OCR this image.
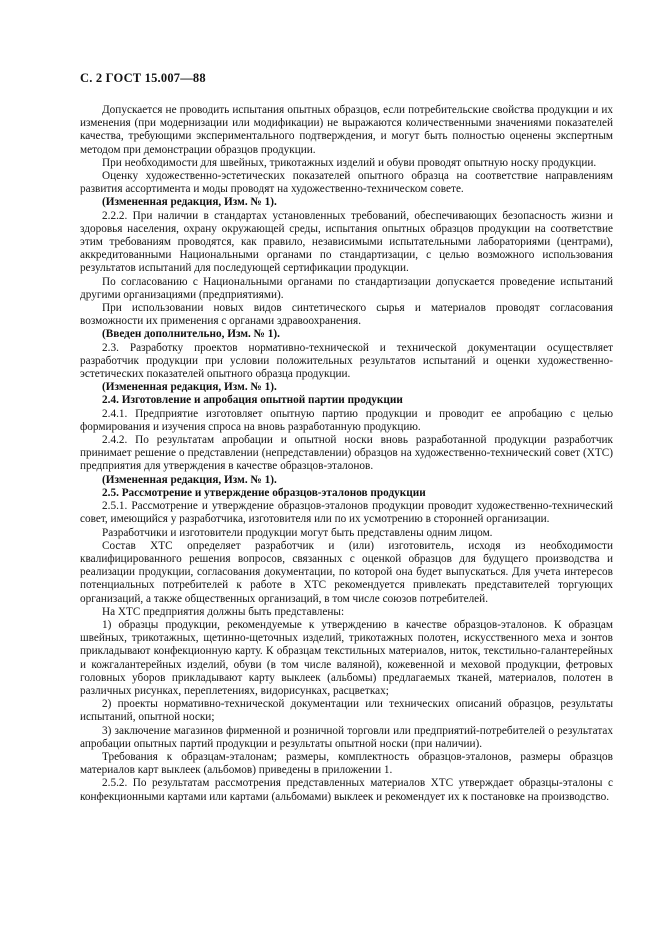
С. 2 ГОСТ 15.007—88

Допускается не проводить испытания опытных образцов, если потребительские свойства продукции и их изменения (при модернизации или модификации) не выражаются количественными значениями показателей качества, требующими экспериментального подтверждения, и могут быть полностью оценены экспертным методом при демонстрации образцов продукции.

При необходимости для швейных, трикотажных изделий и обуви проводят опытную носку продукции.

Оценку художественно-эстетических показателей опытного образца на соответствие направлениям развития ассортимента и моды проводят на художественно-техническом совете.

(Измененная редакция, Изм. № 1).

2.2.2. При наличии в стандартах установленных требований, обеспечивающих безопасность жизни и здоровья населения, охрану окружающей среды, испытания опытных образцов продукции на соответствие этим требованиям проводятся, как правило, независимыми испытательными лабораториями (центрами), аккредитованными Национальными органами по стандартизации, с целью возможного использования результатов испытаний для последующей сертификации продукции.

По согласованию с Национальными органами по стандартизации допускается проведение испытаний другими организациями (предприятиями).

При использовании новых видов синтетического сырья и материалов проводят согласования возможности их применения с органами здравоохранения.

(Введен дополнительно, Изм. № 1).

2.3. Разработку проектов нормативно-технической и технической документации осуществляет разработчик продукции при условии положительных результатов испытаний и оценки художественно-эстетических показателей опытного образца продукции.

(Измененная редакция, Изм. № 1).

2.4. Изготовление и апробация опытной партии продукции

2.4.1. Предприятие изготовляет опытную партию продукции и проводит ее апробацию с целью формирования и изучения спроса на вновь разработанную продукцию.

2.4.2. По результатам апробации и опытной носки вновь разработанной продукции разработчик принимает решение о представлении (непредставлении) образцов на художественно-технический совет (ХТС) предприятия для утверждения в качестве образцов-эталонов.

(Измененная редакция, Изм. № 1).

2.5. Рассмотрение и утверждение образцов-эталонов продукции

2.5.1. Рассмотрение и утверждение образцов-эталонов продукции проводит художественно-технический совет, имеющийся у разработчика, изготовителя или по их усмотрению в сторонней организации.

Разработчики и изготовители продукции могут быть представлены одним лицом.

Состав ХТС определяет разработчик и (или) изготовитель, исходя из необходимости квалифицированного решения вопросов, связанных с оценкой образцов для будущего производства и реализации продукции, согласования документации, по которой она будет выпускаться. Для учета интересов потенциальных потребителей к работе в ХТС рекомендуется привлекать представителей торгующих организаций, а также общественных организаций, в том числе союзов потребителей.

На ХТС предприятия должны быть представлены:

1) образцы продукции, рекомендуемые к утверждению в качестве образцов-эталонов. К образцам швейных, трикотажных, щетинно-щеточных изделий, трикотажных полотен, искусственного меха и зонтов прикладывают конфекционную карту. К образцам текстильных материалов, ниток, текстильно-галантерейных и кожгалантерейных изделий, обуви (в том числе валяной), кожевенной и меховой продукции, фетровых головных уборов прикладывают карту выклеек (альбомы) предлагаемых тканей, материалов, полотен в различных рисунках, переплетениях, видорисунках, расцветках;

2) проекты нормативно-технической документации или технических описаний образцов, результаты испытаний, опытной носки;

3) заключение магазинов фирменной и розничной торговли или предприятий-потребителей о результатах апробации опытных партий продукции и результаты опытной носки (при наличии).

Требования к образцам-эталонам; размеры, комплектность образцов-эталонов, размеры образцов материалов карт выклеек (альбомов) приведены в приложении 1.

2.5.2. По результатам рассмотрения представленных материалов ХТС утверждает образцы-эталоны с конфекционными картами или картами (альбомами) выклеек и рекомендует их к постановке на производство.
